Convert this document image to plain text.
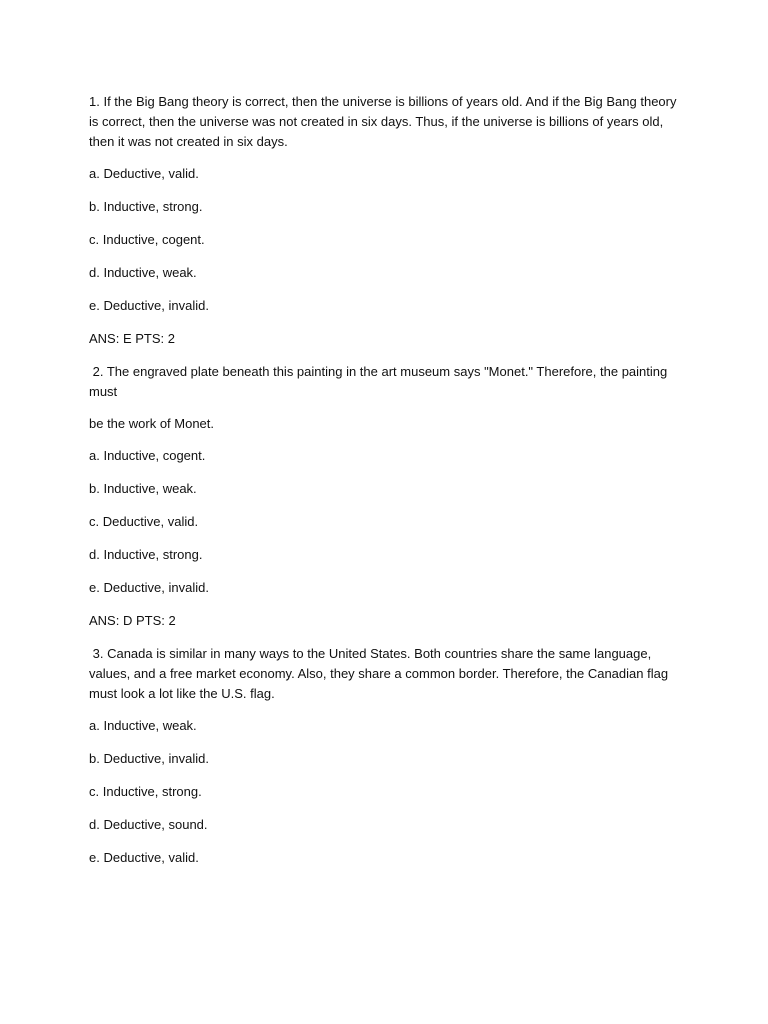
1. If the Big Bang theory is correct, then the universe is billions of years old. And if the Big Bang theory is correct, then the universe was not created in six days. Thus, if the universe is billions of years old, then it was not created in six days.

a. Deductive, valid.

b. Inductive, strong.

c. Inductive, cogent.

d. Inductive, weak.

e. Deductive, invalid.

ANS: E PTS: 2

2. The engraved plate beneath this painting in the art museum says "Monet." Therefore, the painting must

be the work of Monet.

a. Inductive, cogent.

b. Inductive, weak.

c. Deductive, valid.

d. Inductive, strong.

e. Deductive, invalid.

ANS: D PTS: 2

3. Canada is similar in many ways to the United States. Both countries share the same language, values, and a free market economy. Also, they share a common border. Therefore, the Canadian flag must look a lot like the U.S. flag.

a. Inductive, weak.

b. Deductive, invalid.

c. Inductive, strong.

d. Deductive, sound.

e. Deductive, valid.
